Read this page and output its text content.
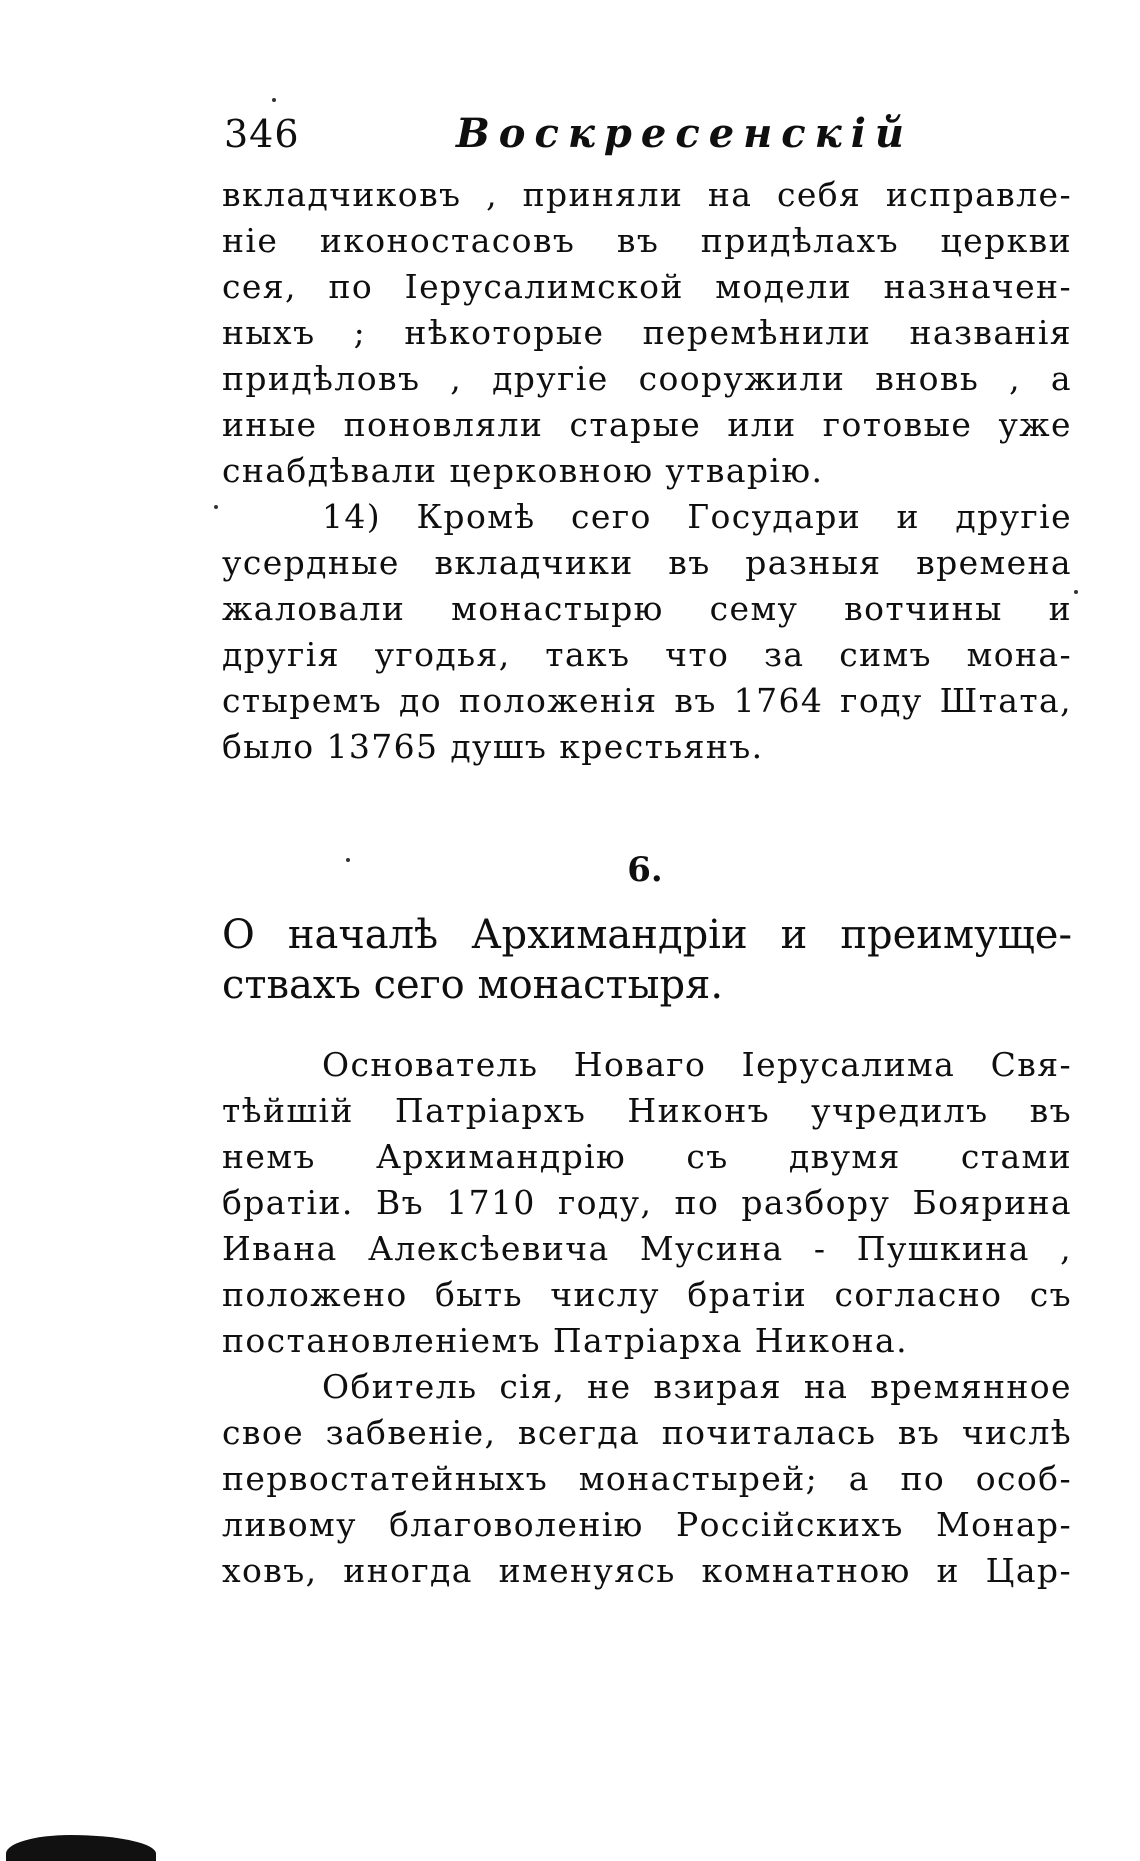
346	Воскресенскiй
вкладчиковъ , приняли на себя исправле-
нiе иконостасовъ въ придѣлахъ церкви
сея, по Iерусалимской модели назначен-
ныхъ ; нѣкоторые перемѣнили названiя
придѣловъ , другiе сооружили вновь , а
иные поновляли старые или готовые уже
снабдѣвали церковною утварiю.
14) Кромѣ сего Государи и другiе
усердные вкладчики въ разныя времена
жаловали монастырю сему вотчины и
другiя угодья, такъ что за симъ мона-
стыремъ до положенiя въ 1764 году Штата,
было 13765 душъ крестьянъ.
6.
О началѣ Архимандрiи и преимуще-
ствахъ сего монастыря.
Основатель Новаго Iерусалима Свя-
тѣйшiй Патрiархъ Никонъ учредилъ въ
немъ Архимандрiю съ двумя стами
братiи. Въ 1710 году, по разбору Боярина
Ивана Алексѣевича Мусина - Пушкина ,
положено быть числу братiи согласно съ
постановленiемъ Патрiарха Никона.
Обитель сiя, не взирая на времянное
свое забвенiе, всегда почиталась въ числѣ
первостатейныхъ монастырей; а по особ-
ливому благоволенiю Россiйскихъ Монар-
ховъ, иногда именуясь комнатною и Цар-
